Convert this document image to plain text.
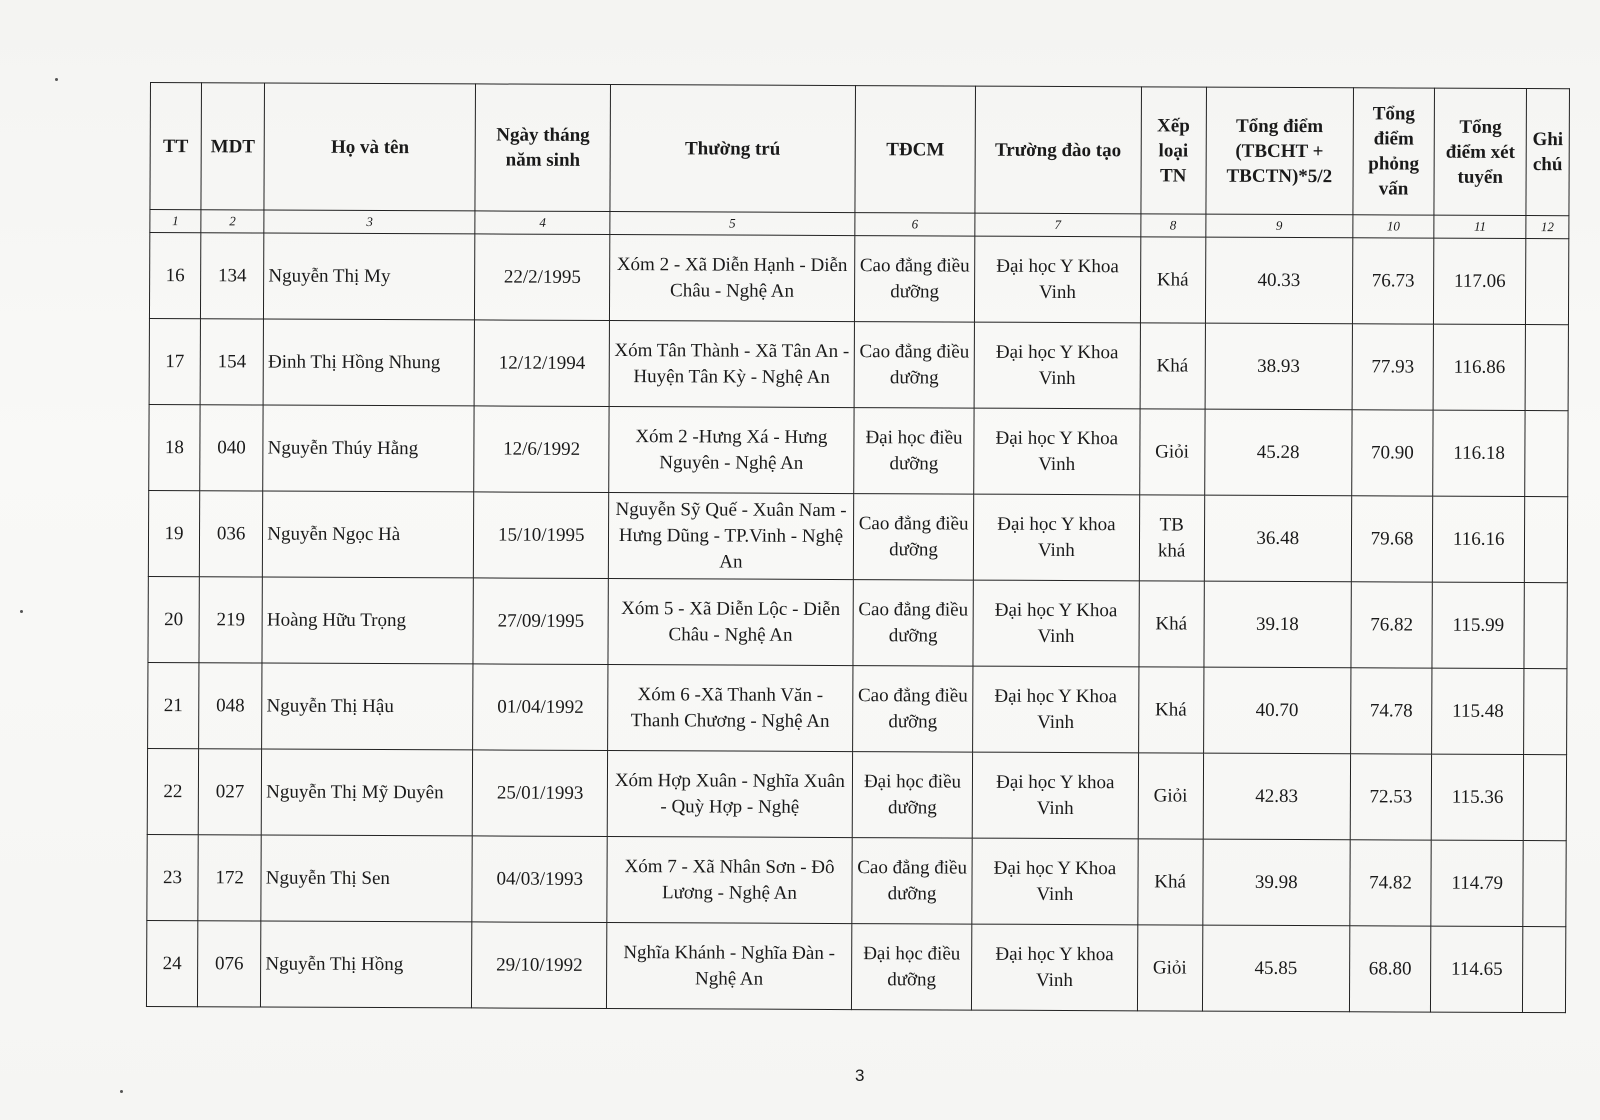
TT	MDT	Họ và tên	Ngày tháng năm sinh	Thường trú	TĐCM	Trường đào tạo	Xếp loại TN	Tổng điểm (TBCHT + TBCTN)*5/2	Tổng điểm phỏng vấn	Tổng điểm xét tuyển	Ghi chú
1	2	3	4	5	6	7	8	9	10	11	12
16	134	Nguyễn Thị My	22/2/1995	Xóm 2 - Xã Diễn Hạnh - Diễn Châu - Nghệ An	Cao đẳng điều dưỡng	Đại học Y Khoa Vinh	Khá	40.33	76.73	117.06	
17	154	Đinh Thị Hồng Nhung	12/12/1994	Xóm Tân Thành - Xã Tân An - Huyện Tân Kỳ - Nghệ An	Cao đẳng điều dưỡng	Đại học Y Khoa Vinh	Khá	38.93	77.93	116.86	
18	040	Nguyễn Thúy Hằng	12/6/1992	Xóm 2 -Hưng Xá - Hưng Nguyên - Nghệ An	Đại học điều dưỡng	Đại học Y Khoa Vinh	Giỏi	45.28	70.90	116.18	
19	036	Nguyễn Ngọc Hà	15/10/1995	Nguyễn Sỹ Quế - Xuân Nam - Hưng Dũng - TP.Vinh - Nghệ An	Cao đẳng điều dưỡng	Đại học Y khoa Vinh	TB khá	36.48	79.68	116.16	
20	219	Hoàng Hữu Trọng	27/09/1995	Xóm 5 - Xã Diễn Lộc - Diễn Châu - Nghệ An	Cao đẳng điều dưỡng	Đại học Y Khoa Vinh	Khá	39.18	76.82	115.99	
21	048	Nguyễn Thị Hậu	01/04/1992	Xóm 6 -Xã Thanh Văn - Thanh Chương - Nghệ An	Cao đẳng điều dưỡng	Đại học Y Khoa Vinh	Khá	40.70	74.78	115.48	
22	027	Nguyễn Thị Mỹ Duyên	25/01/1993	Xóm Hợp Xuân - Nghĩa Xuân - Quỳ Hợp - Nghệ	Đại học điều dưỡng	Đại học Y khoa Vinh	Giỏi	42.83	72.53	115.36	
23	172	Nguyễn Thị Sen	04/03/1993	Xóm 7 - Xã Nhân Sơn - Đô Lương - Nghệ An	Cao đẳng điều dưỡng	Đại học Y Khoa Vinh	Khá	39.98	74.82	114.79	
24	076	Nguyễn Thị Hồng	29/10/1992	Nghĩa Khánh - Nghĩa Đàn - Nghệ An	Đại học điều dưỡng	Đại học Y khoa Vinh	Giỏi	45.85	68.80	114.65	
3
